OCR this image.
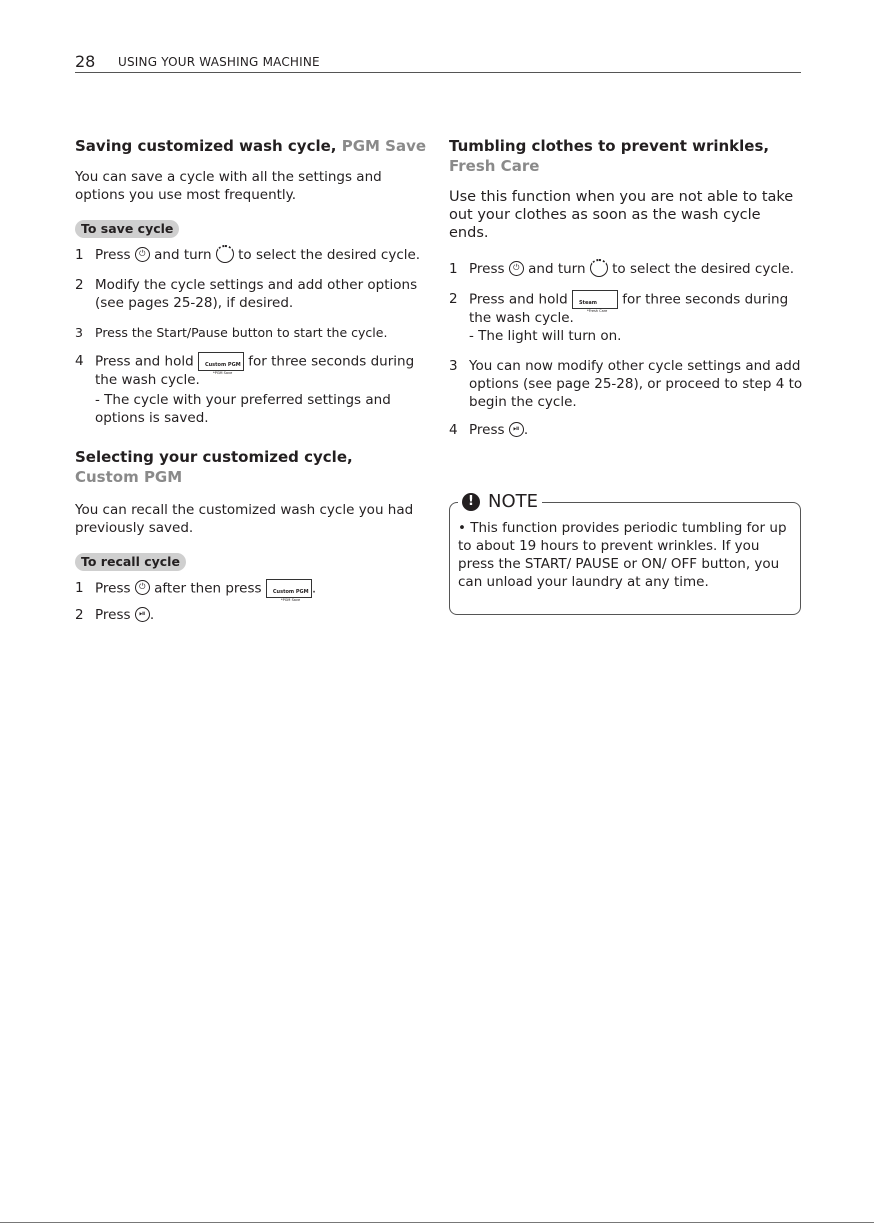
28 USING YOUR WASHING MACHINE
Saving customized wash cycle, PGM Save

You can save a cycle with all the settings and options you use most frequently.

To save cycle
1 Press ⏻ and turn to select the desired cycle.
2 Modify the cycle settings and add other options (see pages 25-28), if desired.
3 Press the Start/Pause button to start the cycle.
4 Press and hold Custom PGM
*PGM Save
for three seconds during the wash cycle.
- The cycle with your preferred settings and options is saved.
Selecting your customized cycle,
Custom PGM

You can recall the customized wash cycle you had previously saved.

To recall cycle
1 Press ⏻ after then press Custom PGM
*PGM Save
.
2 Press ⏯ .
Tumbling clothes to prevent wrinkles, Fresh Care

Use this function when you are not able to take out your clothes as soon as the wash cycle ends.

1 Press ⏻ and turn to select the desired cycle.
2 Press and hold Steam
*Fresh Care
for three seconds during the wash cycle.
- The light will turn on.
3 You can now modify other cycle settings and add options (see page 25-28), or proceed to step 4 to begin the cycle.
4 Press ⏯ .
! NOTE
• This function provides periodic tumbling for up to about 19 hours to prevent wrinkles. If you press the START/ PAUSE or ON/ OFF button, you can unload your laundry at any time.
